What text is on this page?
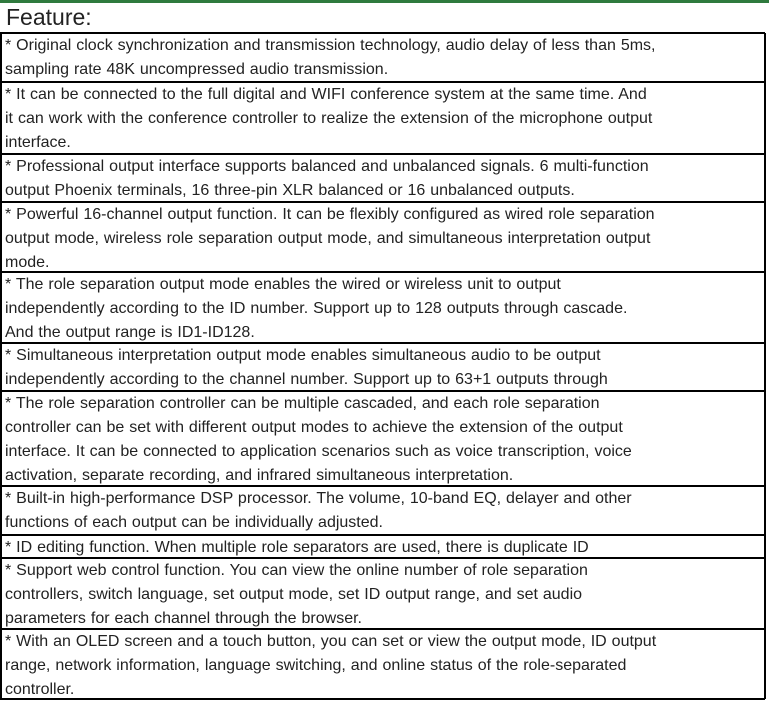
Feature:
* Original clock synchronization and transmission technology, audio delay of less than 5ms,
sampling rate 48K uncompressed audio transmission.
* It can be connected to the full digital and WIFI conference system at the same time. And
it can work with the conference controller to realize the extension of the microphone output
interface.
* Professional output interface supports balanced and unbalanced signals. 6 multi-function
output Phoenix terminals, 16 three-pin XLR balanced or 16 unbalanced outputs.
* Powerful 16-channel output function. It can be flexibly configured as wired role separation
output mode, wireless role separation output mode, and simultaneous interpretation output
mode.
* The role separation output mode enables the wired or wireless unit to output
independently according to the ID number. Support up to 128 outputs through cascade.
And the output range is ID1-ID128.
* Simultaneous interpretation output mode enables simultaneous audio to be output
independently according to the channel number. Support up to 63+1 outputs through
* The role separation controller can be multiple cascaded, and each role separation
controller can be set with different output modes to achieve the extension of the output
interface. It can be connected to application scenarios such as voice transcription, voice
activation, separate recording, and infrared simultaneous interpretation.
* Built-in high-performance DSP processor. The volume, 10-band EQ, delayer and other
functions of each output can be individually adjusted.
* ID editing function. When multiple role separators are used, there is duplicate ID
* Support web control function. You can view the online number of role separation
controllers, switch language, set output mode, set ID output range, and set audio
parameters for each channel through the browser.
* With an OLED screen and a touch button, you can set or view the output mode, ID output
range, network information, language switching, and online status of the role-separated
controller.
